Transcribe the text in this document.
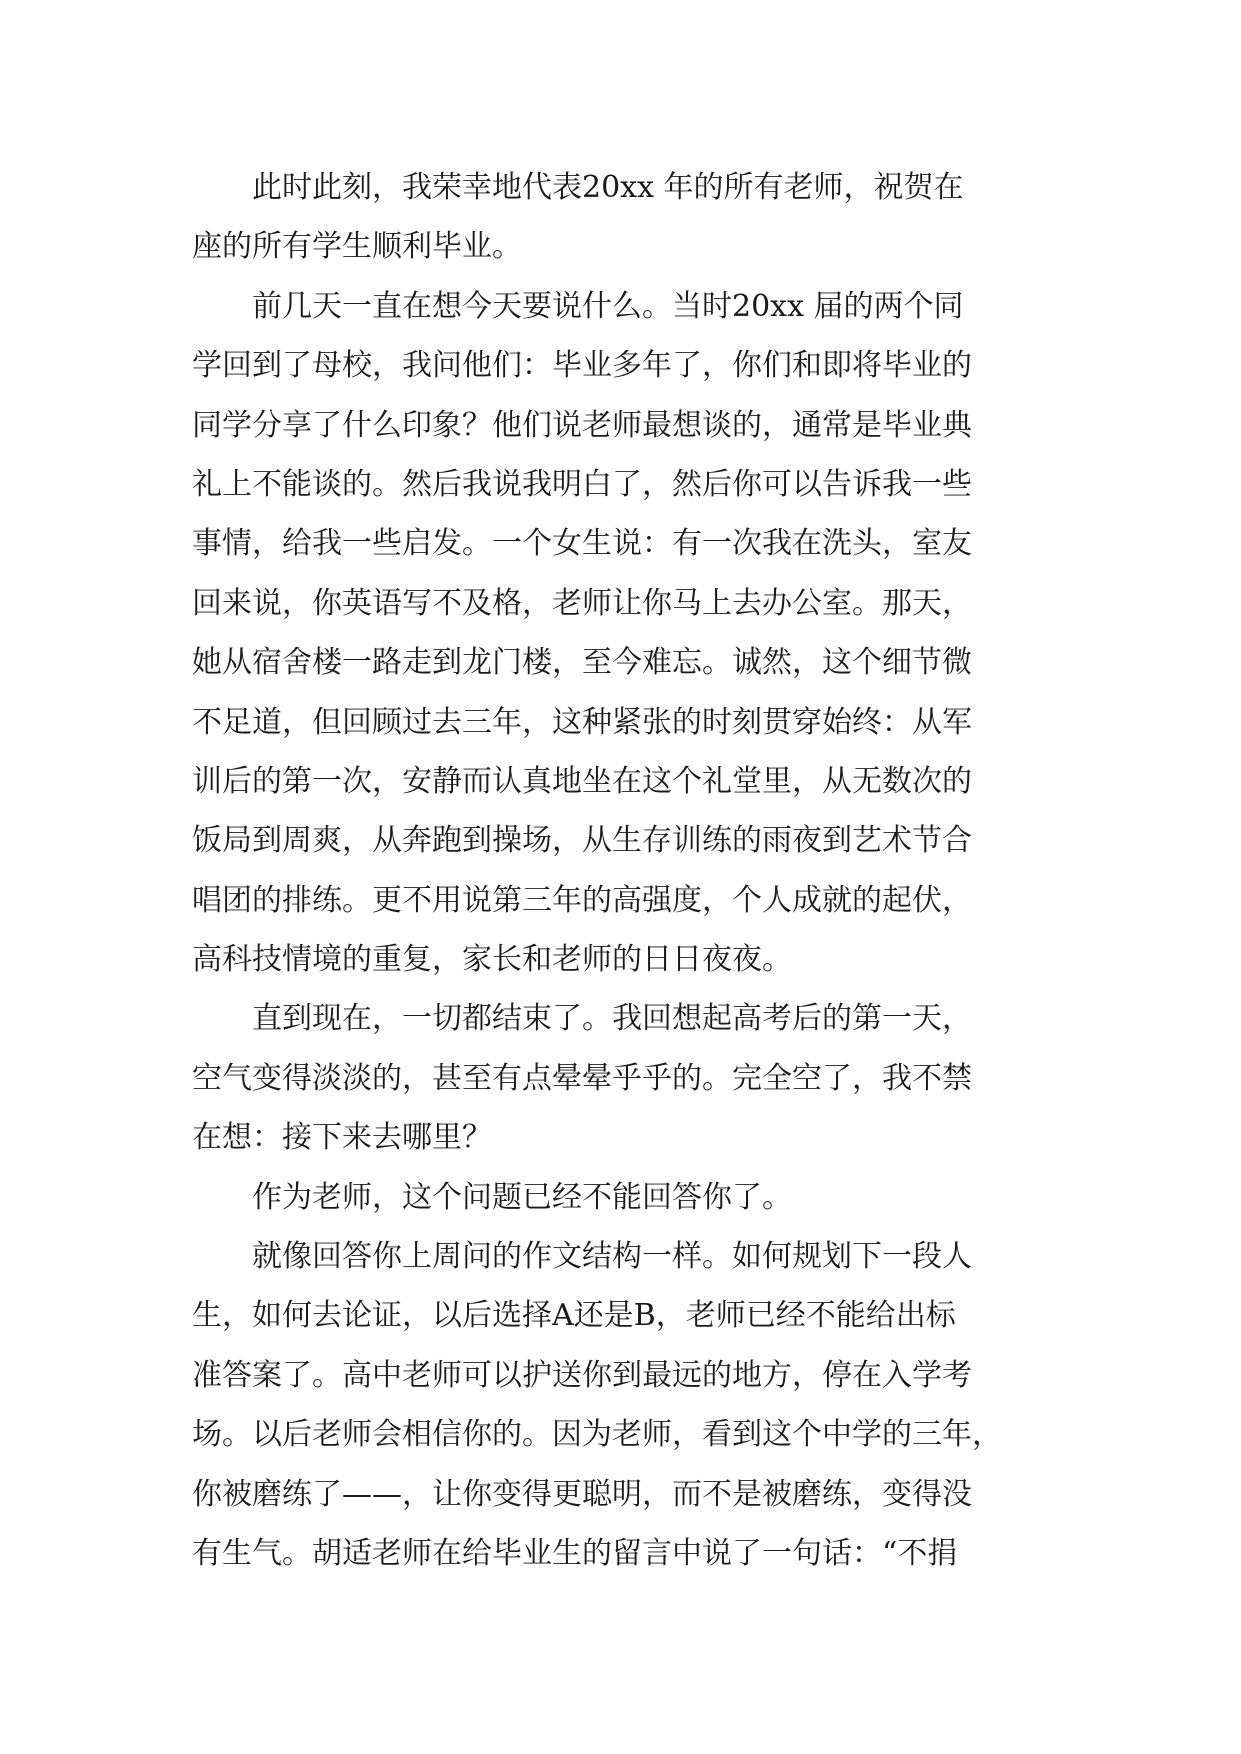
此时此刻，我荣幸地代表20xx 年的所有老师，祝贺在
座的所有学生顺利毕业。
前几天一直在想今天要说什么。当时20xx 届的两个同
学回到了母校，我问他们：毕业多年了，你们和即将毕业的
同学分享了什么印象？他们说老师最想谈的，通常是毕业典
礼上不能谈的。然后我说我明白了，然后你可以告诉我一些
事情，给我一些启发。一个女生说：有一次我在洗头，室友
回来说，你英语写不及格，老师让你马上去办公室。那天，
她从宿舍楼一路走到龙门楼，至今难忘。诚然，这个细节微
不足道，但回顾过去三年，这种紧张的时刻贯穿始终：从军
训后的第一次，安静而认真地坐在这个礼堂里，从无数次的
饭局到周爽，从奔跑到操场，从生存训练的雨夜到艺术节合
唱团的排练。更不用说第三年的高强度，个人成就的起伏，
高科技情境的重复，家长和老师的日日夜夜。
直到现在，一切都结束了。我回想起高考后的第一天，
空气变得淡淡的，甚至有点晕晕乎乎的。完全空了，我不禁
在想：接下来去哪里？
作为老师，这个问题已经不能回答你了。
就像回答你上周问的作文结构一样。如何规划下一段人
生，如何去论证，以后选择A还是B，老师已经不能给出标
准答案了。高中老师可以护送你到最远的地方，停在入学考
场。以后老师会相信你的。因为老师，看到这个中学的三年，
你被磨练了——，让你变得更聪明，而不是被磨练，变得没
有生气。胡适老师在给毕业生的留言中说了一句话：“不捐
